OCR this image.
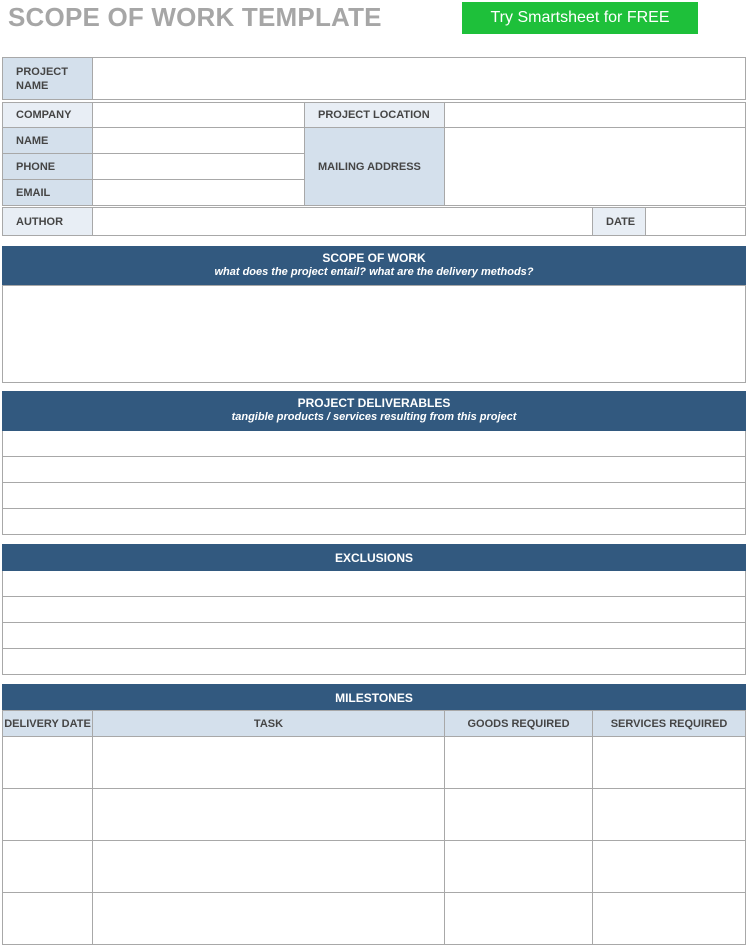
SCOPE OF WORK TEMPLATE	Try Smartsheet for FREE
PROJECT NAME
COMPANY	PROJECT LOCATION
NAME
PHONE
EMAIL
MAILING ADDRESS
AUTHOR	DATE
SCOPE OF WORK
what does the project entail? what are the delivery methods?
PROJECT DELIVERABLES
tangible products / services resulting from this project
EXCLUSIONS
MILESTONES
DELIVERY DATE	TASK	GOODS REQUIRED	SERVICES REQUIRED
